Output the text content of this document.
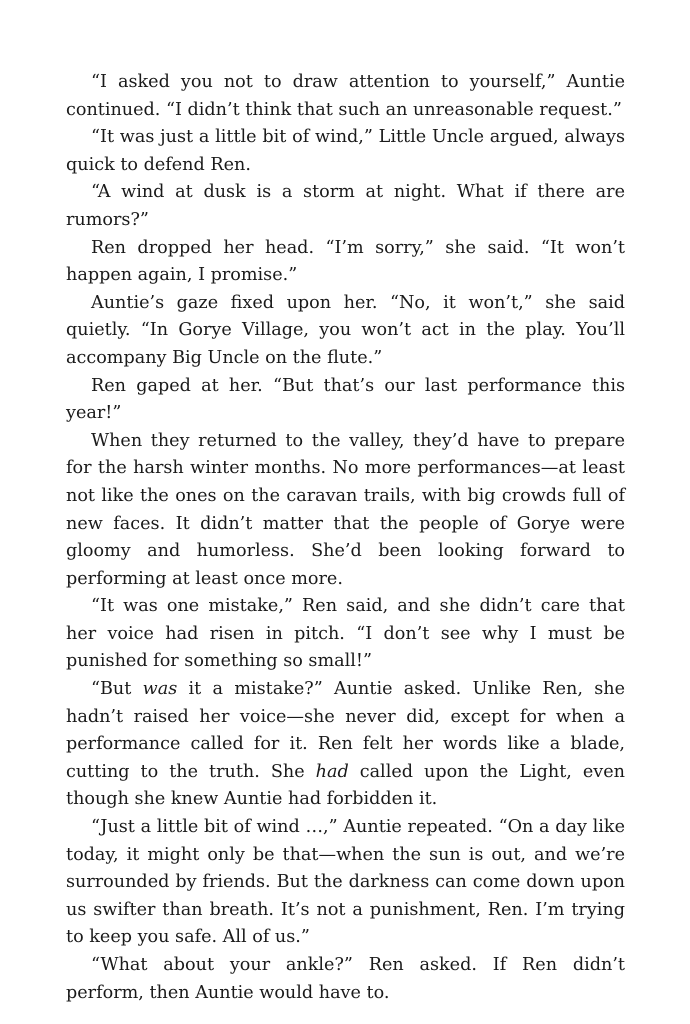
“I asked you not to draw attention to yourself,” Auntie continued. “I didn’t think that such an unreasonable request.”

“It was just a little bit of wind,” Little Uncle argued, always quick to defend Ren.

“A wind at dusk is a storm at night. What if there are rumors?”

Ren dropped her head. “I’m sorry,” she said. “It won’t happen again, I promise.”

Auntie’s gaze fixed upon her. “No, it won’t,” she said quietly. “In Gorye Village, you won’t act in the play. You’ll accompany Big Uncle on the flute.”

Ren gaped at her. “But that’s our last performance this year!”

When they returned to the valley, they’d have to prepare for the harsh winter months. No more performances—at least not like the ones on the caravan trails, with big crowds full of new faces. It didn’t matter that the people of Gorye were gloomy and humorless. She’d been looking forward to performing at least once more.

“It was one mistake,” Ren said, and she didn’t care that her voice had risen in pitch. “I don’t see why I must be punished for something so small!”

“But was it a mistake?” Auntie asked. Unlike Ren, she hadn’t raised her voice—she never did, except for when a performance called for it. Ren felt her words like a blade, cutting to the truth. She had called upon the Light, even though she knew Auntie had forbidden it.

“Just a little bit of wind …,” Auntie repeated. “On a day like today, it might only be that—when the sun is out, and we’re surrounded by friends. But the darkness can come down upon us swifter than breath. It’s not a punishment, Ren. I’m trying to keep you safe. All of us.”

“What about your ankle?” Ren asked. If Ren didn’t perform, then Auntie would have to.
